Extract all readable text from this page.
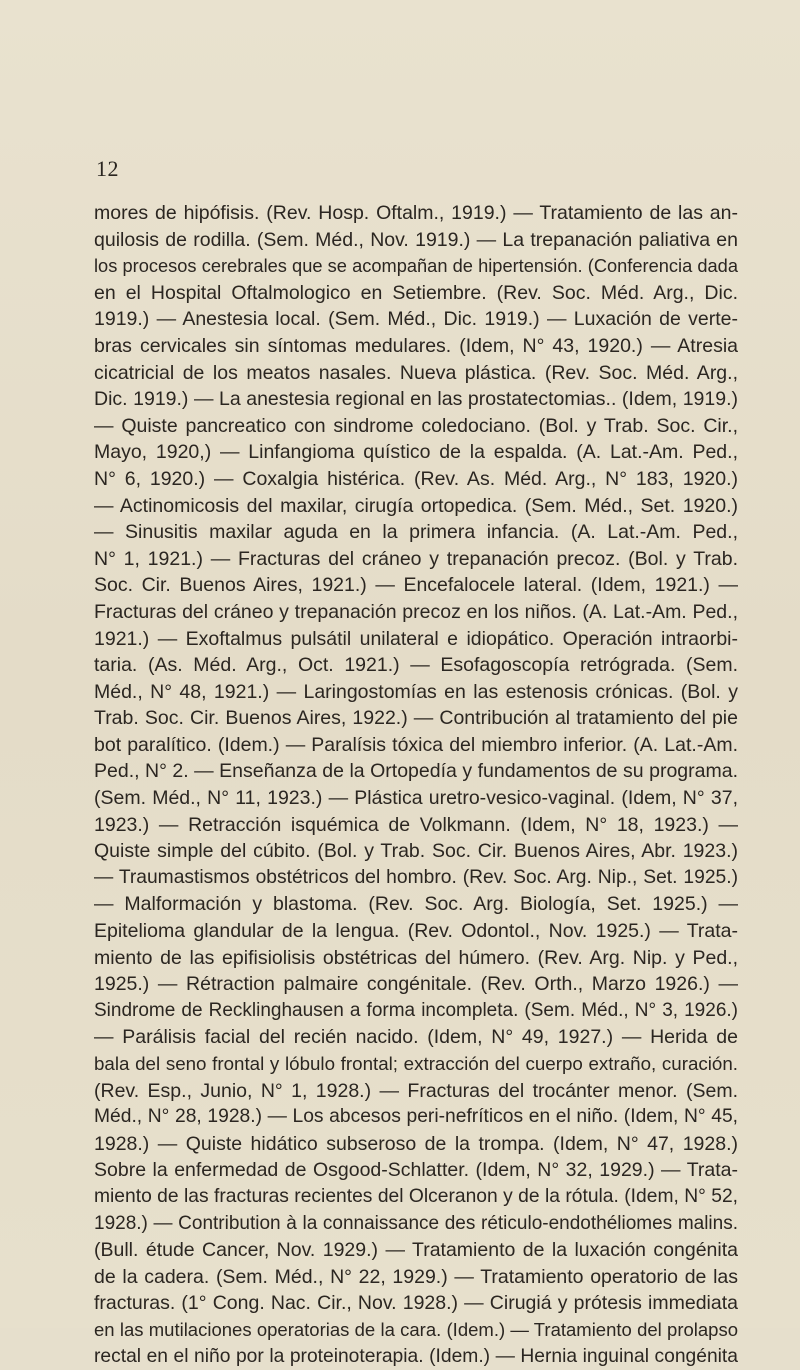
12
mores de hipófisis. (Rev. Hosp. Oftalm., 1919.) — Tratamiento de las an-
quilosis de rodilla. (Sem. Méd., Nov. 1919.) — La trepanación paliativa en
los procesos cerebrales que se acompañan de hipertensión. (Conferencia dada
en el Hospital Oftalmologico en Setiembre. (Rev. Soc. Méd. Arg., Dic.
1919.) — Anestesia local. (Sem. Méd., Dic. 1919.) — Luxación de verte-
bras cervicales sin síntomas medulares. (Idem, N° 43, 1920.) — Atresia
cicatricial de los meatos nasales. Nueva plástica. (Rev. Soc. Méd. Arg.,
Dic. 1919.) — La anestesia regional en las prostatectomias.. (Idem, 1919.)
— Quiste pancreatico con sindrome coledociano. (Bol. y Trab. Soc. Cir.,
Mayo, 1920,) — Linfangioma quístico de la espalda. (A. Lat.-Am. Ped.,
N° 6, 1920.) — Coxalgia histérica. (Rev. As. Méd. Arg., N° 183, 1920.)
— Actinomicosis del maxilar, cirugía ortopedica. (Sem. Méd., Set. 1920.)
— Sinusitis maxilar aguda en la primera infancia. (A. Lat.-Am. Ped.,
N° 1, 1921.) — Fracturas del cráneo y trepanación precoz. (Bol. y Trab.
Soc. Cir. Buenos Aires, 1921.) — Encefalocele lateral. (Idem, 1921.) —
Fracturas del cráneo y trepanación precoz en los niños. (A. Lat.-Am. Ped.,
1921.) — Exoftalmus pulsátil unilateral e idiopático. Operación intraorbi-
taria. (As. Méd. Arg., Oct. 1921.) — Esofagoscopía retrógrada. (Sem.
Méd., N° 48, 1921.) — Laringostomías en las estenosis crónicas. (Bol. y
Trab. Soc. Cir. Buenos Aires, 1922.) — Contribución al tratamiento del pie
bot paralítico. (Idem.) — Paralísis tóxica del miembro inferior. (A. Lat.-Am.
Ped., N° 2. — Enseñanza de la Ortopedía y fundamentos de su programa.
(Sem. Méd., N° 11, 1923.) — Plástica uretro-vesico-vaginal. (Idem, N° 37,
1923.) — Retracción isquémica de Volkmann. (Idem, N° 18, 1923.) —
Quiste simple del cúbito. (Bol. y Trab. Soc. Cir. Buenos Aires, Abr. 1923.)
— Traumastismos obstétricos del hombro. (Rev. Soc. Arg. Nip., Set. 1925.)
— Malformación y blastoma. (Rev. Soc. Arg. Biología, Set. 1925.) —
Epitelioma glandular de la lengua. (Rev. Odontol., Nov. 1925.) — Trata-
miento de las epifisiolisis obstétricas del húmero. (Rev. Arg. Nip. y Ped.,
1925.) — Rétraction palmaire congénitale. (Rev. Orth., Marzo 1926.) —
Sindrome de Recklinghausen a forma incompleta. (Sem. Méd., N° 3, 1926.)
— Parálisis facial del recién nacido. (Idem, N° 49, 1927.) — Herida de
bala del seno frontal y lóbulo frontal; extracción del cuerpo extraño, curación.
(Rev. Esp., Junio, N° 1, 1928.) — Fracturas del trocánter menor. (Sem.
Méd., N° 28, 1928.) — Los abcesos peri-nefríticos en el niño. (Idem, N° 45,
1928.) — Quiste hidático subseroso de la trompa. (Idem, N° 47, 1928.)
Sobre la enfermedad de Osgood-Schlatter. (Idem, N° 32, 1929.) — Trata-
miento de las fracturas recientes del Olceranon y de la rótula. (Idem, N° 52,
1928.) — Contribution à la connaissance des réticulo-endothéliomes malins.
(Bull. étude Cancer, Nov. 1929.) — Tratamiento de la luxación congénita
de la cadera. (Sem. Méd., N° 22, 1929.) — Tratamiento operatorio de las
fracturas. (1° Cong. Nac. Cir., Nov. 1928.) — Cirugiá y prótesis immediata
en las mutilaciones operatorias de la cara. (Idem.) — Tratamiento del prolapso
rectal en el niño por la proteinoterapia. (Idem.) — Hernia inguinal congénita
